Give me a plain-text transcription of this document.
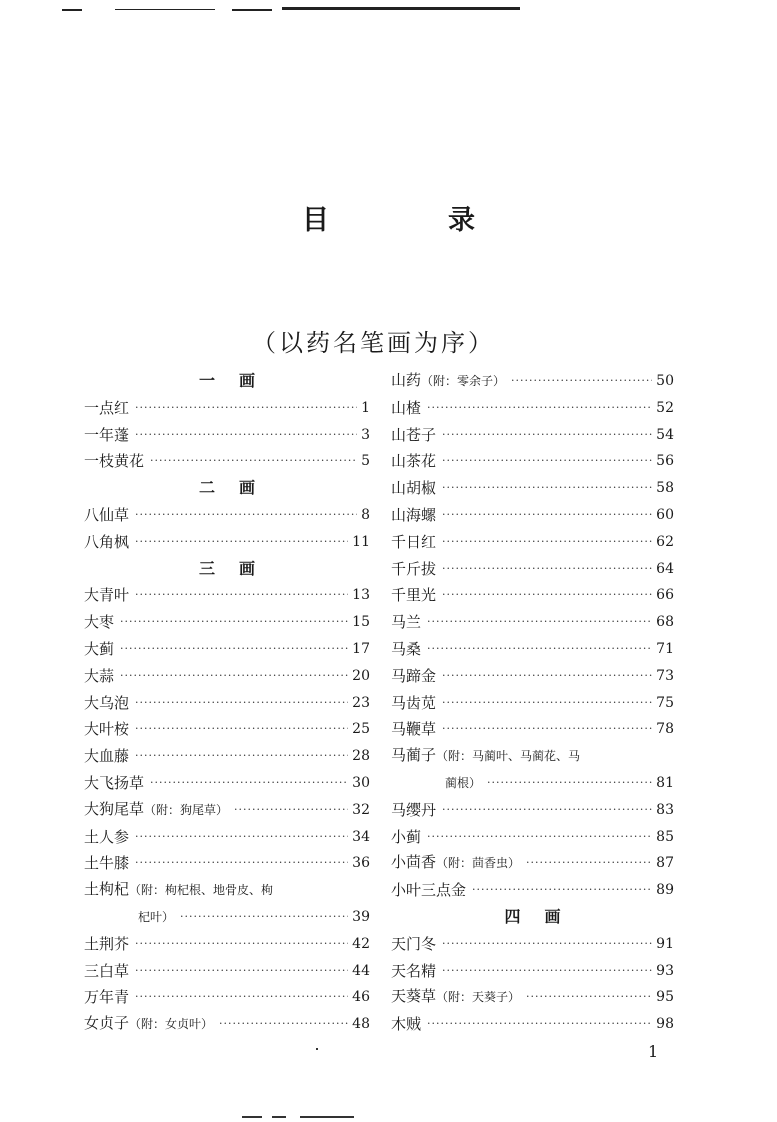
目　录
（以药名笔画为序）
一画
一点红 ·····	1
一年蓬 ·····	3
一枝黄花 ·····	5
二画
八仙草 ·····	8
八角枫 ·····	11
三画
大青叶 ·····	13
大枣 ·····	15
大蓟 ·····	17
大蒜 ·····	20
大乌泡 ·····	23
大叶桉 ·····	25
大血藤 ·····	28
大飞扬草 ·····	30
大狗尾草（附：狗尾草） ·····	32
土人参 ·····	34
土牛膝 ·····	36
土枸杞（附：枸杞根、地骨皮、枸
杞叶） ·····	39
土荆芥 ·····	42
三白草 ·····	44
万年青 ·····	46
女贞子（附：女贞叶） ·····	48
山药（附：零余子） ·····	50
山楂 ·····	52
山苍子 ·····	54
山茶花 ·····	56
山胡椒 ·····	58
山海螺 ·····	60
千日红 ·····	62
千斤拔 ·····	64
千里光 ·····	66
马兰 ·····	68
马桑 ·····	71
马蹄金 ·····	73
马齿苋 ·····	75
马鞭草 ·····	78
马蔺子（附：马蔺叶、马蔺花、马
蔺根） ·····	81
马缨丹 ·····	83
小蓟 ·····	85
小茴香（附：茴香虫） ·····	87
小叶三点金 ·····	89
四画
天门冬 ·····	91
天名精 ·····	93
天葵草（附：天葵子） ·····	95
木贼 ·····	98
1
